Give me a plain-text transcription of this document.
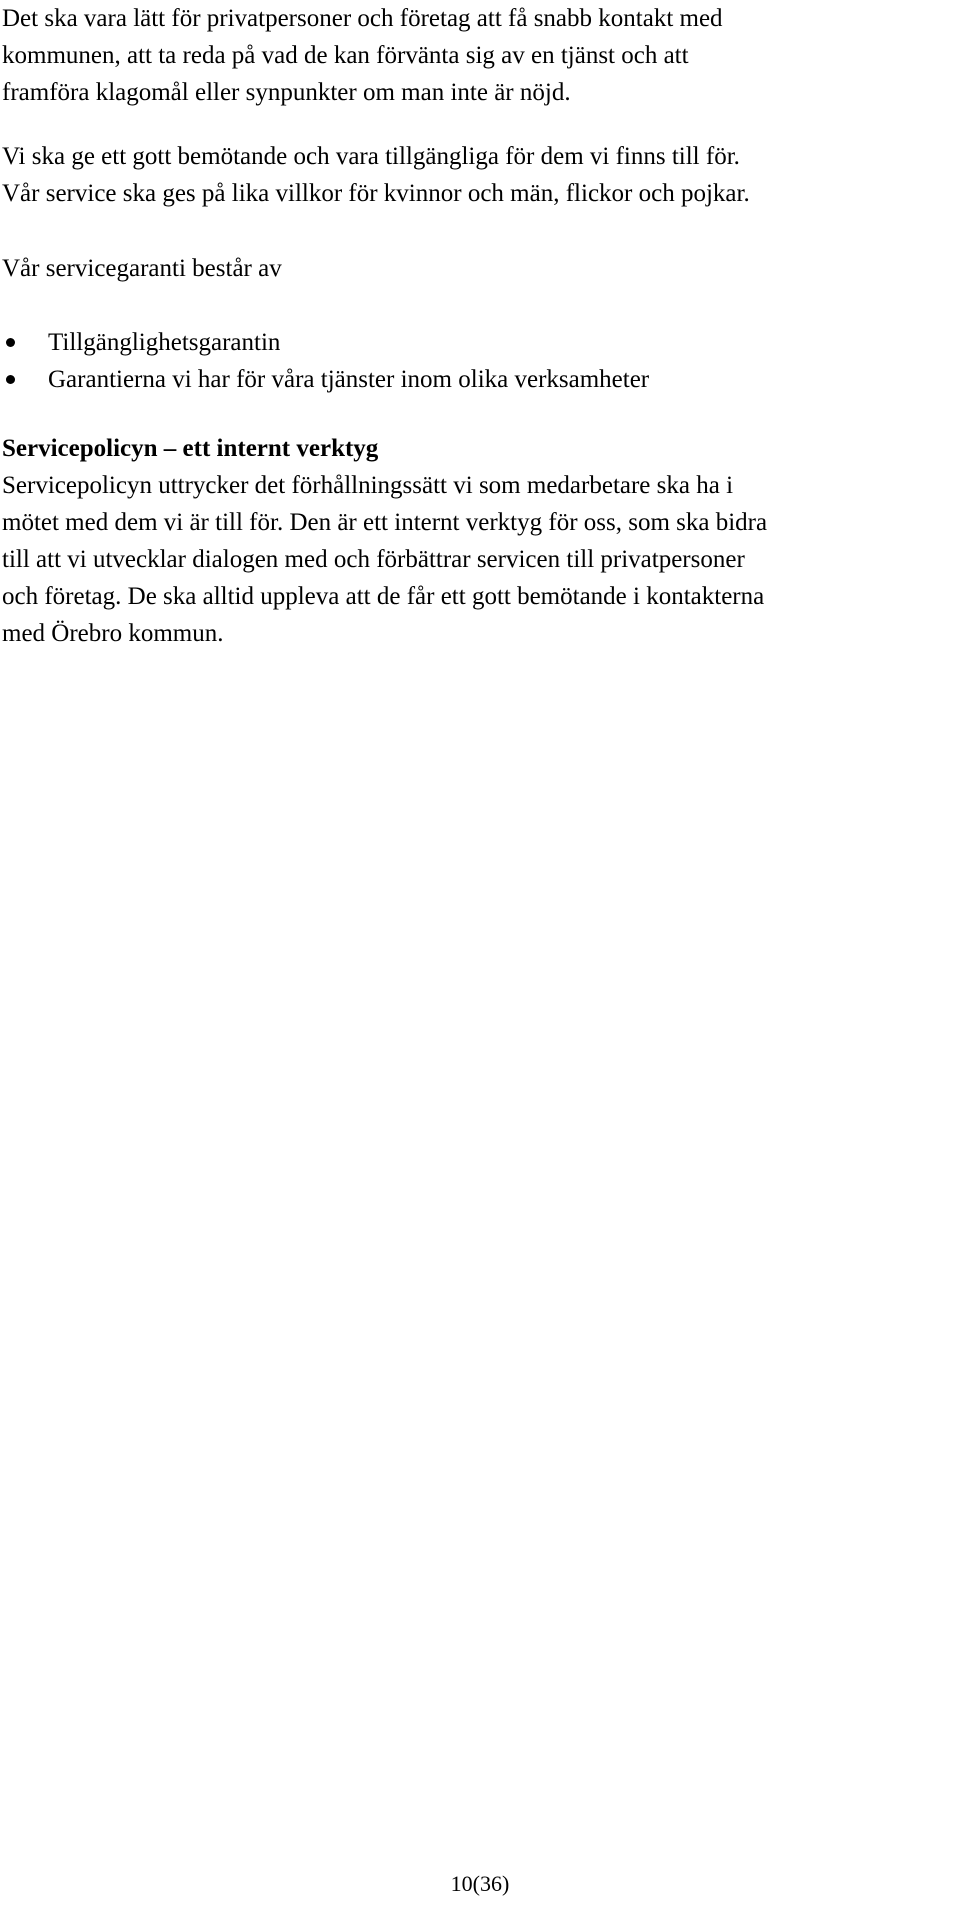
Det ska vara lätt för privatpersoner och företag att få snabb kontakt med
kommunen, att ta reda på vad de kan förvänta sig av en tjänst och att
framföra klagomål eller synpunkter om man inte är nöjd.

Vi ska ge ett gott bemötande och vara tillgängliga för dem vi finns till för.
Vår service ska ges på lika villkor för kvinnor och män, flickor och pojkar.

Vår servicegaranti består av

Tillgänglighetsgarantin
Garantierna vi har för våra tjänster inom olika verksamheter
Servicepolicyn – ett internt verktyg

Servicepolicyn uttrycker det förhållningssätt vi som medarbetare ska ha i
mötet med dem vi är till för. Den är ett internt verktyg för oss, som ska bidra
till att vi utvecklar dialogen med och förbättrar servicen till privatpersoner
och företag. De ska alltid uppleva att de får ett gott bemötande i kontakterna
med Örebro kommun.

10(36)
